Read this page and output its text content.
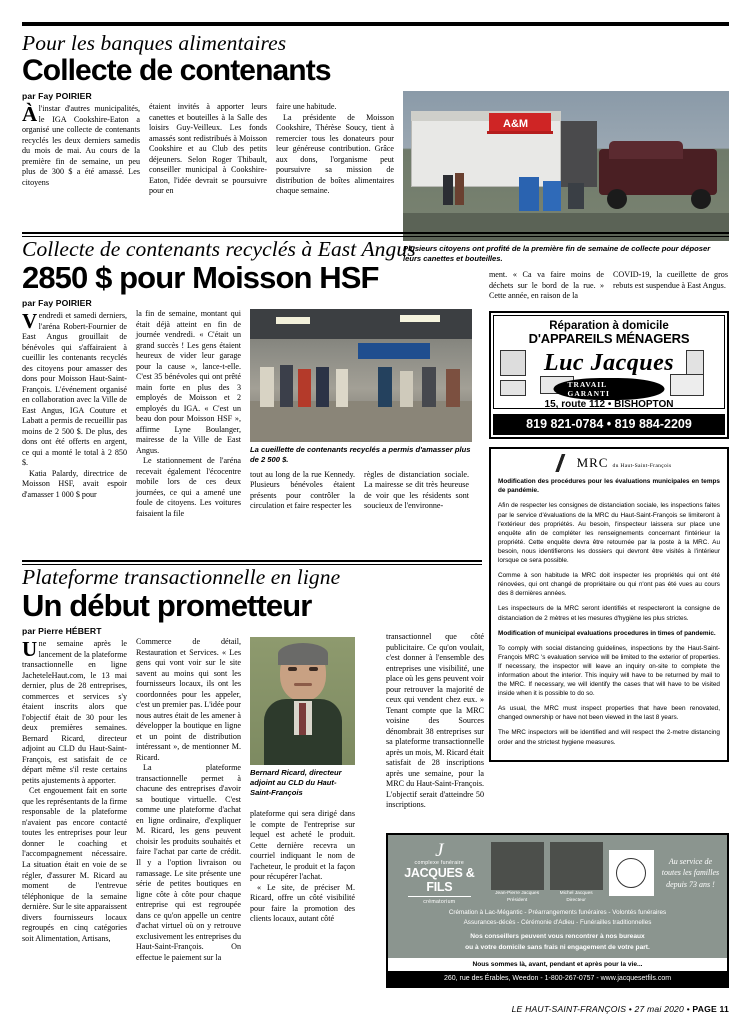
Pour les banques alimentaires
Collecte de contenants
par Fay POIRIER

Àl'instar d'autres municipalités, le IGA Cookshire-Eaton a organisé une collecte de contenants recyclés les deux derniers samedis du mois de mai. Au cours de la première fin de semaine, un peu plus de 300 $ a été amassé. Les citoyens

étaient invités à apporter leurs canettes et bouteilles à la Salle des loisirs Guy-Veilleux. Les fonds amassés sont redistribués à Moisson Cookshire et au Club des petits déjeuners. Selon Roger Thibault, conseiller municipal à Cookshire-Eaton, l'idée devrait se poursuivre pour en

faire une habitude.

La présidente de Moisson Cookshire, Thérèse Soucy, tient à remercier tous les donateurs pour leur généreuse contribution. Grâce aux dons, l'organisme peut poursuivre sa mission de distribution de boîtes alimentaires chaque semaine.

A&M
Plusieurs citoyens ont profité de la première fin de semaine de collecte pour déposer leurs canettes et bouteilles.
Collecte de contenants recyclés à East Angus
2850 $ pour Moisson HSF
par Fay POIRIER

Vendredi et samedi derniers, l'aréna Robert-Fournier de East Angus grouillait de bénévoles qui s'affairaient à cueillir les contenants recyclés des citoyens pour amasser des dons pour Moisson Haut-Saint-François. L'événement organisé en collaboration avec la Ville de East Angus, IGA Couture et Labatt a permis de recueillir pas moins de 2 500 $. De plus, des dons ont été offerts en argent, ce qui a monté le total à 2 850 $.

Katia Palardy, directrice de Moisson HSF, avait espoir d'amasser 1 000 $ pour

la fin de semaine, montant qui était déjà atteint en fin de journée vendredi. « C'était un grand succès ! Les gens étaient heureux de vider leur garage pour la cause », lance-t-elle. C'est 35 bénévoles qui ont prêté main forte en plus des 3 employés de Moisson et 2 employés du IGA. « C'est un beau don pour Moisson HSF », affirme Lyne Boulanger, mairesse de la Ville de East Angus.

Le stationnement de l'aréna recevait également l'écocentre mobile lors de ces deux journées, ce qui a amené une foule de citoyens. Les voitures faisaient la file

La cueillette de contenants recyclés a permis d'amasser plus de 2 500 $.

tout au long de la rue Kennedy. Plusieurs bénévoles étaient présents pour contrôler la circulation et faire respecter les

règles de distanciation sociale. La mairesse se dit très heureuse de voir que les résidents sont soucieux de l'environne-

ment. « Ca va faire moins de déchets sur le bord de la rue. » Cette année, en raison de la
COVID-19, la cueillette de gros rebuts est suspendue à East Angus.
Réparation à domicile
D'APPAREILS MÉNAGERS
Luc Jacques
TRAVAIL GARANTI
15, route 112 • BISHOPTON
819 821-0784 • 819 884-2209
MRC du Haut-Saint-François

Modification des procédures pour les évaluations municipales en temps de pandémie.

Afin de respecter les consignes de distanciation sociale, les inspections faites par le service d'évaluations de la MRC du Haut-Saint-François se limiteront à l'extérieur des propriétés. Au besoin, l'inspecteur laissera sur place une enquête afin de compléter les renseignements concernant l'intérieur la propriété. Cette enquête devra être retournée par la poste à la MRC. Au besoin, nous identifierons les dossiers qui devront être visités à l'intérieur lorsque ce sera possible.

Comme à son habitude la MRC doit inspecter les propriétés qui ont été rénovées, qui ont changé de propriétaire ou qui n'ont pas été vues au cours des 8 dernières années.

Les inspecteurs de la MRC seront identifiés et respecteront la consigne de distanciation de 2 mètres et les mesures d'hygiène les plus strictes.

Modification of municipal evaluations procedures in times of pandemic.

To comply with social distancing guidelines, inspections by the Haut-Saint-François MRC 's evaluation service will be limited to the exterior of properties. If necessary, the inspector will leave an inquiry on-site to complete the information about the interior. This inquiry will have to be returned by mail to the MRC. If necessary, we will identify the cases that will have to be visited inside when it is possible to do so.

As usual, the MRC must inspect properties that have been renovated, changed ownership or have not been viewed in the last 8 years.

The MRC inspectors will be identified and will respect the 2-metre distancing order and the strictest hygiene measures.

Plateforme transactionnelle en ligne
Un début prometteur
par Pierre HÉBERT

Une semaine après le lancement de la plateforme transactionnelle en ligne JacheteleHaut.com, le 13 mai dernier, plus de 28 entreprises, commerces et services s'y étaient inscrits alors que l'objectif était de 30 pour les deux premières semaines. Bernard Ricard, directeur adjoint au CLD du Haut-Saint-François, est satisfait de ce départ même s'il reste certains petits ajustements à apporter.

Cet engouement fait en sorte que les représentants de la firme responsable de la plateforme n'avaient pas encore contacté toutes les entreprises pour leur donner le coaching et l'accompagnement nécessaire. La situation était en voie de se régler, d'assurer M. Ricard au moment de l'entrevue téléphonique de la semaine dernière. Sur le site apparaissent divers fournisseurs locaux regroupés en cinq catégories soit Alimentation, Artisans,

Commerce de détail, Restauration et Services. « Les gens qui vont voir sur le site savent au moins qui sont les fournisseurs locaux, ils ont les coordonnées pour les appeler, c'est un premier pas. L'idée pour nous autres était de les amener à développer la boutique en ligne et un point de distribution intéressant », de mentionner M. Ricard.

La plateforme transactionnelle permet à chacune des entreprises d'avoir sa boutique virtuelle. C'est comme une plateforme d'achat en ligne ordinaire, d'expliquer M. Ricard, les gens peuvent choisir les produits souhaités et faire l'achat par carte de crédit. Il y a l'option livraison ou ramassage. Le site présente une série de petites boutiques en ligne côte à côte pour chaque entreprise qui est regroupée dans ce qu'on appelle un centre d'achat virtuel où on y retrouve exclusivement les entreprises du Haut-Saint-François. On effectue le paiement sur la

Bernard Ricard, directeur adjoint au CLD du Haut-Saint-François

plateforme qui sera dirigé dans le compte de l'entreprise sur lequel est acheté le produit. Cette dernière recevra un courriel indiquant le nom de l'acheteur, le produit et la façon pour récupérer l'achat.

« Le site, de préciser M. Ricard, offre un côté visibilité pour faire la promotion des clients locaux, autant côté

transactionnel que côté publicitaire. Ce qu'on voulait, c'est donner à l'ensemble des entreprises une visibilité, une place où les gens peuvent voir pour retrouver la majorité de ceux qui vendent chez eux. » Tenant compte que la MRC voisine des Sources dénombrait 38 entreprises sur sa plateforme transactionnelle après un mois, M. Ricard était satisfait de 28 inscriptions après une semaine, pour la MRC du Haut-Saint-François. L'objectif serait d'atteindre 50 inscriptions.

J
complexe funéraire
JACQUES & FILS
crématorium
Jean-Pierre Jacques
Président
Michel Jacques
Directeur
Au service de toutes les familles depuis 73 ans !
Crémation à Lac-Mégantic - Préarrangements funéraires - Volontés funéraires
Assurances-décès - Cérémonie d'Adieu - Funérailles traditionnelles
Nos conseillers peuvent vous rencontrer à nos bureaux
ou à votre domicile sans frais ni engagement de votre part.
Nous sommes là, avant, pendant et après pour la vie...
260, rue des Érables, Weedon - 1-800-267-0757 - www.jacquesetfils.com
LE HAUT-SAINT-FRANÇOIS • 27 mai 2020 • PAGE 11
